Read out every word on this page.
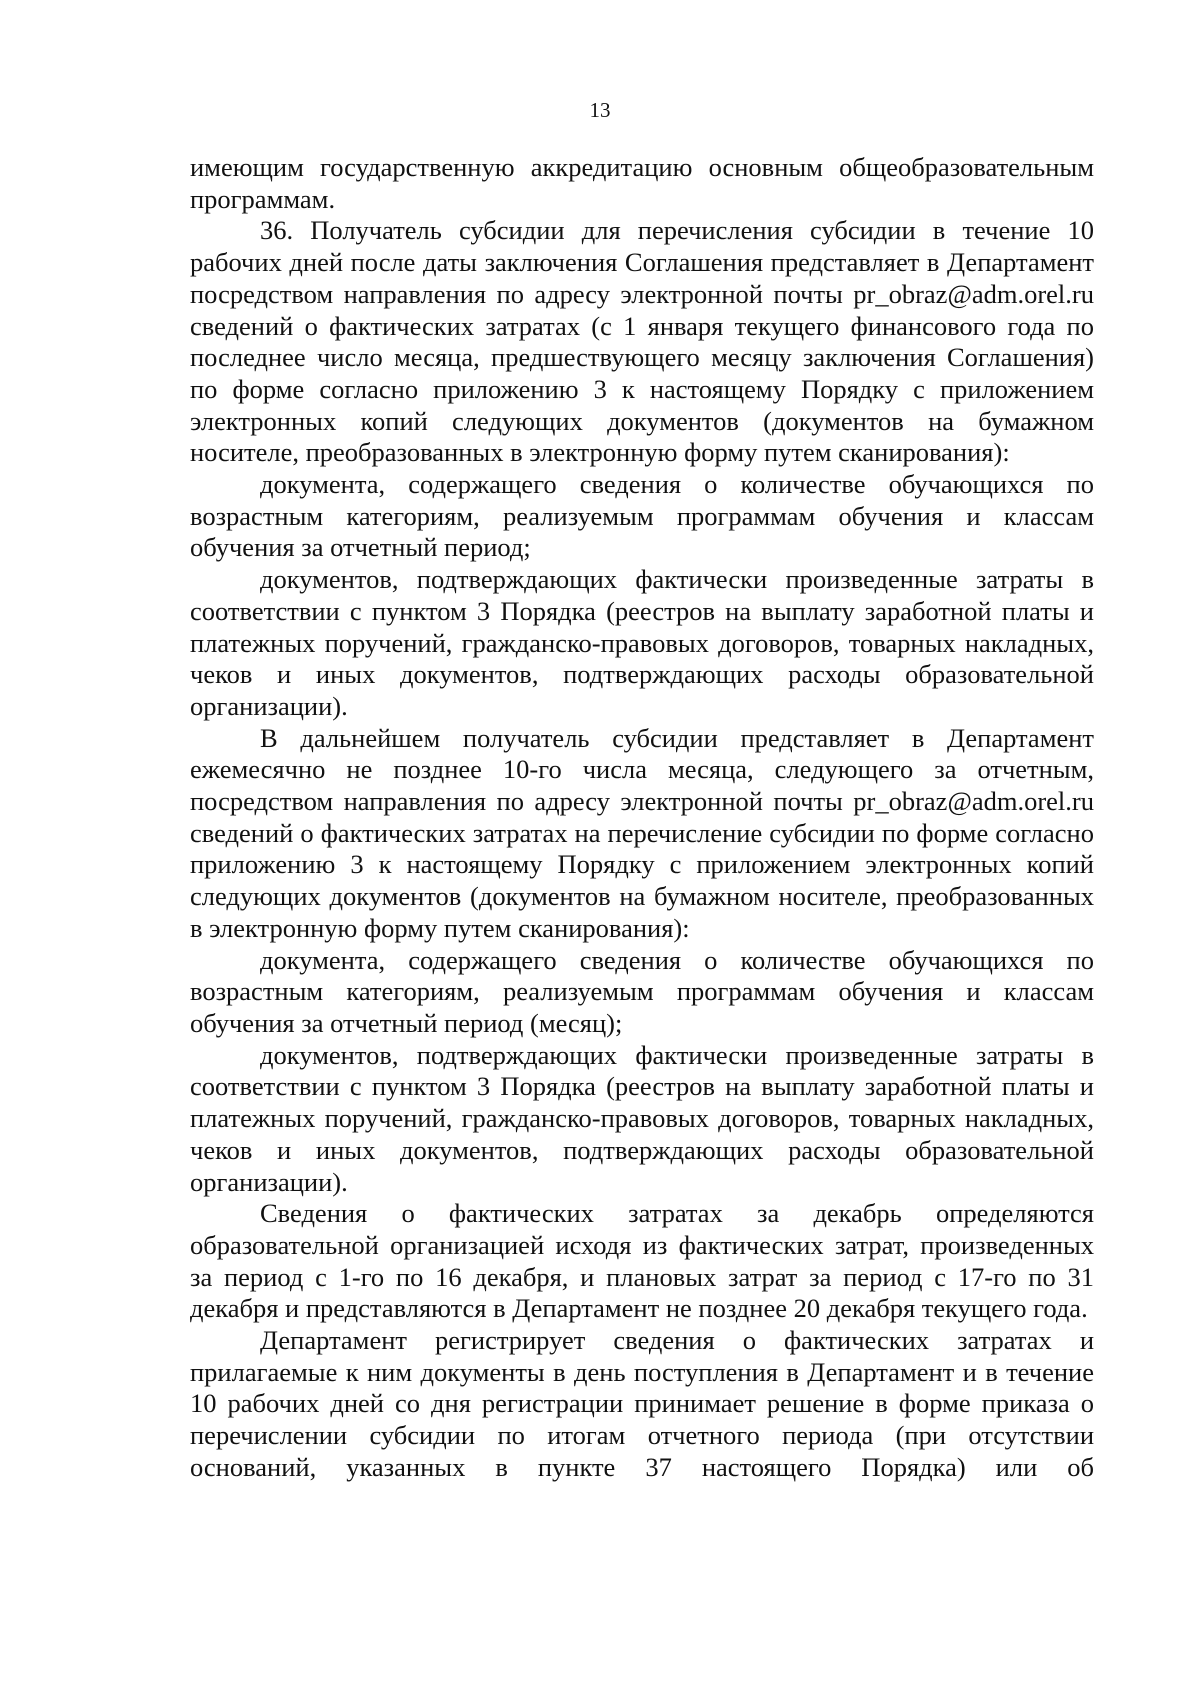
13

имеющим государственную аккредитацию основным общеобразовательным программам.

36. Получатель субсидии для перечисления субсидии в течение 10 рабочих дней после даты заключения Соглашения представляет в Департамент посредством направления по адресу электронной почты pr_obraz@adm.orel.ru сведений о фактических затратах (с 1 января текущего финансового года по последнее число месяца, предшествующего месяцу заключения Соглашения) по форме согласно приложению 3 к настоящему Порядку с приложением электронных копий следующих документов (документов на бумажном носителе, преобразованных в электронную форму путем сканирования):

документа, содержащего сведения о количестве обучающихся по возрастным категориям, реализуемым программам обучения и классам обучения за отчетный период;

документов, подтверждающих фактически произведенные затраты в соответствии с пунктом 3 Порядка (реестров на выплату заработной платы и платежных поручений, гражданско-правовых договоров, товарных накладных, чеков и иных документов, подтверждающих расходы образовательной организации).

В дальнейшем получатель субсидии представляет в Департамент ежемесячно не позднее 10-го числа месяца, следующего за отчетным, посредством направления по адресу электронной почты pr_obraz@adm.orel.ru сведений о фактических затратах на перечисление субсидии по форме согласно приложению 3 к настоящему Порядку с приложением электронных копий следующих документов (документов на бумажном носителе, преобразованных в электронную форму путем сканирования):

документа, содержащего сведения о количестве обучающихся по возрастным категориям, реализуемым программам обучения и классам обучения за отчетный период (месяц);

документов, подтверждающих фактически произведенные затраты в соответствии с пунктом 3 Порядка (реестров на выплату заработной платы и платежных поручений, гражданско-правовых договоров, товарных накладных, чеков и иных документов, подтверждающих расходы образовательной организации).

Сведения о фактических затратах за декабрь определяются образовательной организацией исходя из фактических затрат, произведенных за период с 1-го по 16 декабря, и плановых затрат за период с 17-го по 31 декабря и представляются в Департамент не позднее 20 декабря текущего года.

Департамент регистрирует сведения о фактических затратах и прилагаемые к ним документы в день поступления в Департамент и в течение 10 рабочих дней со дня регистрации принимает решение в форме приказа о перечислении субсидии по итогам отчетного периода (при отсутствии оснований, указанных в пункте 37 настоящего Порядка) или об
